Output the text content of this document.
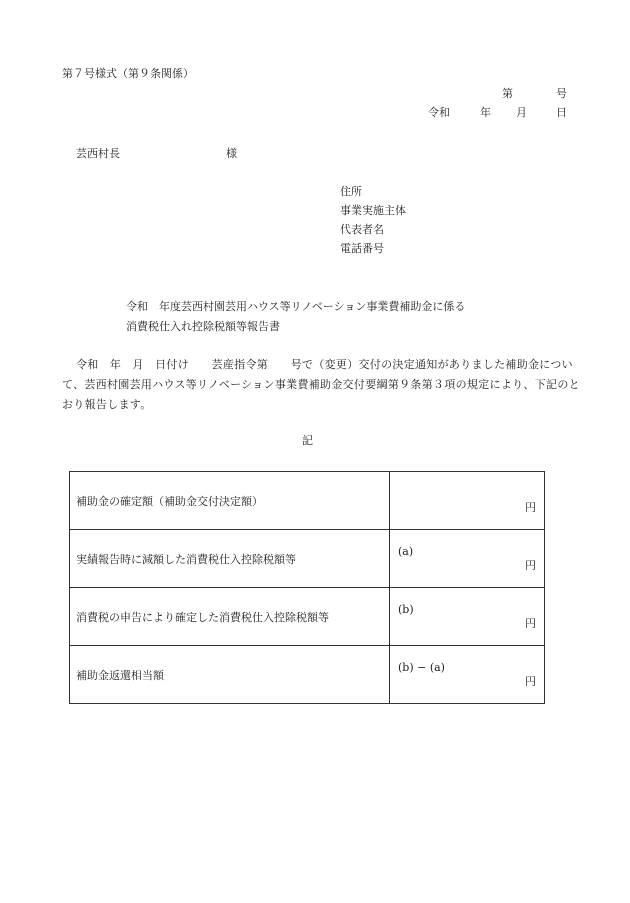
第７号様式（第９条関係）
第	号
令和	年 月	日
芸西村長	様
住所
事業実施主体
代表者名
電話番号
令和　年度芸西村園芸用ハウス等リノベーション事業費補助金に係る
消費税仕入れ控除税額等報告書
令和　年　月　日付け　　芸産指令第　　号で（変更）交付の決定通知がありました補助金について、芸西村園芸用ハウス等リノベーション事業費補助金交付要綱第９条第３項の規定により、下記のとおり報告します。
記
補助金の確定額（補助金交付決定額）	円

実績報告時に減額した消費税仕入控除税額等	(a)
円

消費税の申告により確定した消費税仕入控除税額等	(b)
円

補助金返還相当額	(b) − (a)
円
